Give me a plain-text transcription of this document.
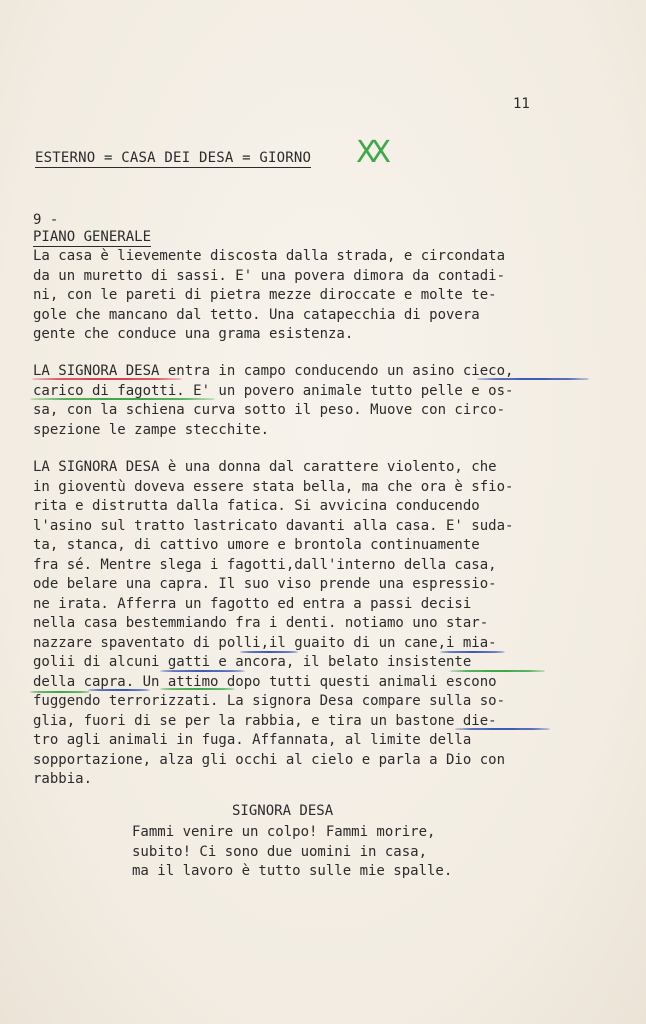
11
ESTERNO = CASA DEI DESA = GIORNO XX
9 -
PIANO GENERALE
La casa è lievemente discosta dalla strada, e circondata
da un muretto di sassi. E' una povera dimora da contadi-
ni, con le pareti di pietra mezze diroccate e molte te-
gole che mancano dal tetto. Una catapecchia di povera
gente che conduce una grama esistenza.
LA SIGNORA DESA entra in campo conducendo un asino cieco,
carico di fagotti. E' un povero animale tutto pelle e os-
sa, con la schiena curva sotto il peso. Muove con circo-
spezione le zampe stecchite.
LA SIGNORA DESA è una donna dal carattere violento, che
in gioventù doveva essere stata bella, ma che ora è sfio-
rita e distrutta dalla fatica. Si avvicina conducendo
l'asino sul tratto lastricato davanti alla casa. E' suda-
ta, stanca, di cattivo umore e brontola continuamente
fra sé. Mentre slega i fagotti,dall'interno della casa,
ode belare una capra. Il suo viso prende una espressio-
ne irata. Afferra un fagotto ed entra a passi decisi
nella casa bestemmiando fra i denti. notiamo uno star-
nazzare spaventato di polli,il guaito di un cane,i mia-
golii di alcuni gatti e ancora, il belato insistente
della capra. Un attimo dopo tutti questi animali escono
fuggendo terrorizzati. La signora Desa compare sulla so-
glia, fuori di se per la rabbia, e tira un bastone die-
tro agli animali in fuga. Affannata, al limite della
sopportazione, alza gli occhi al cielo e parla a Dio con
rabbia.
SIGNORA DESA
Fammi venire un colpo! Fammi morire,
subito! Ci sono due uomini in casa,
ma il lavoro è tutto sulle mie spalle.
